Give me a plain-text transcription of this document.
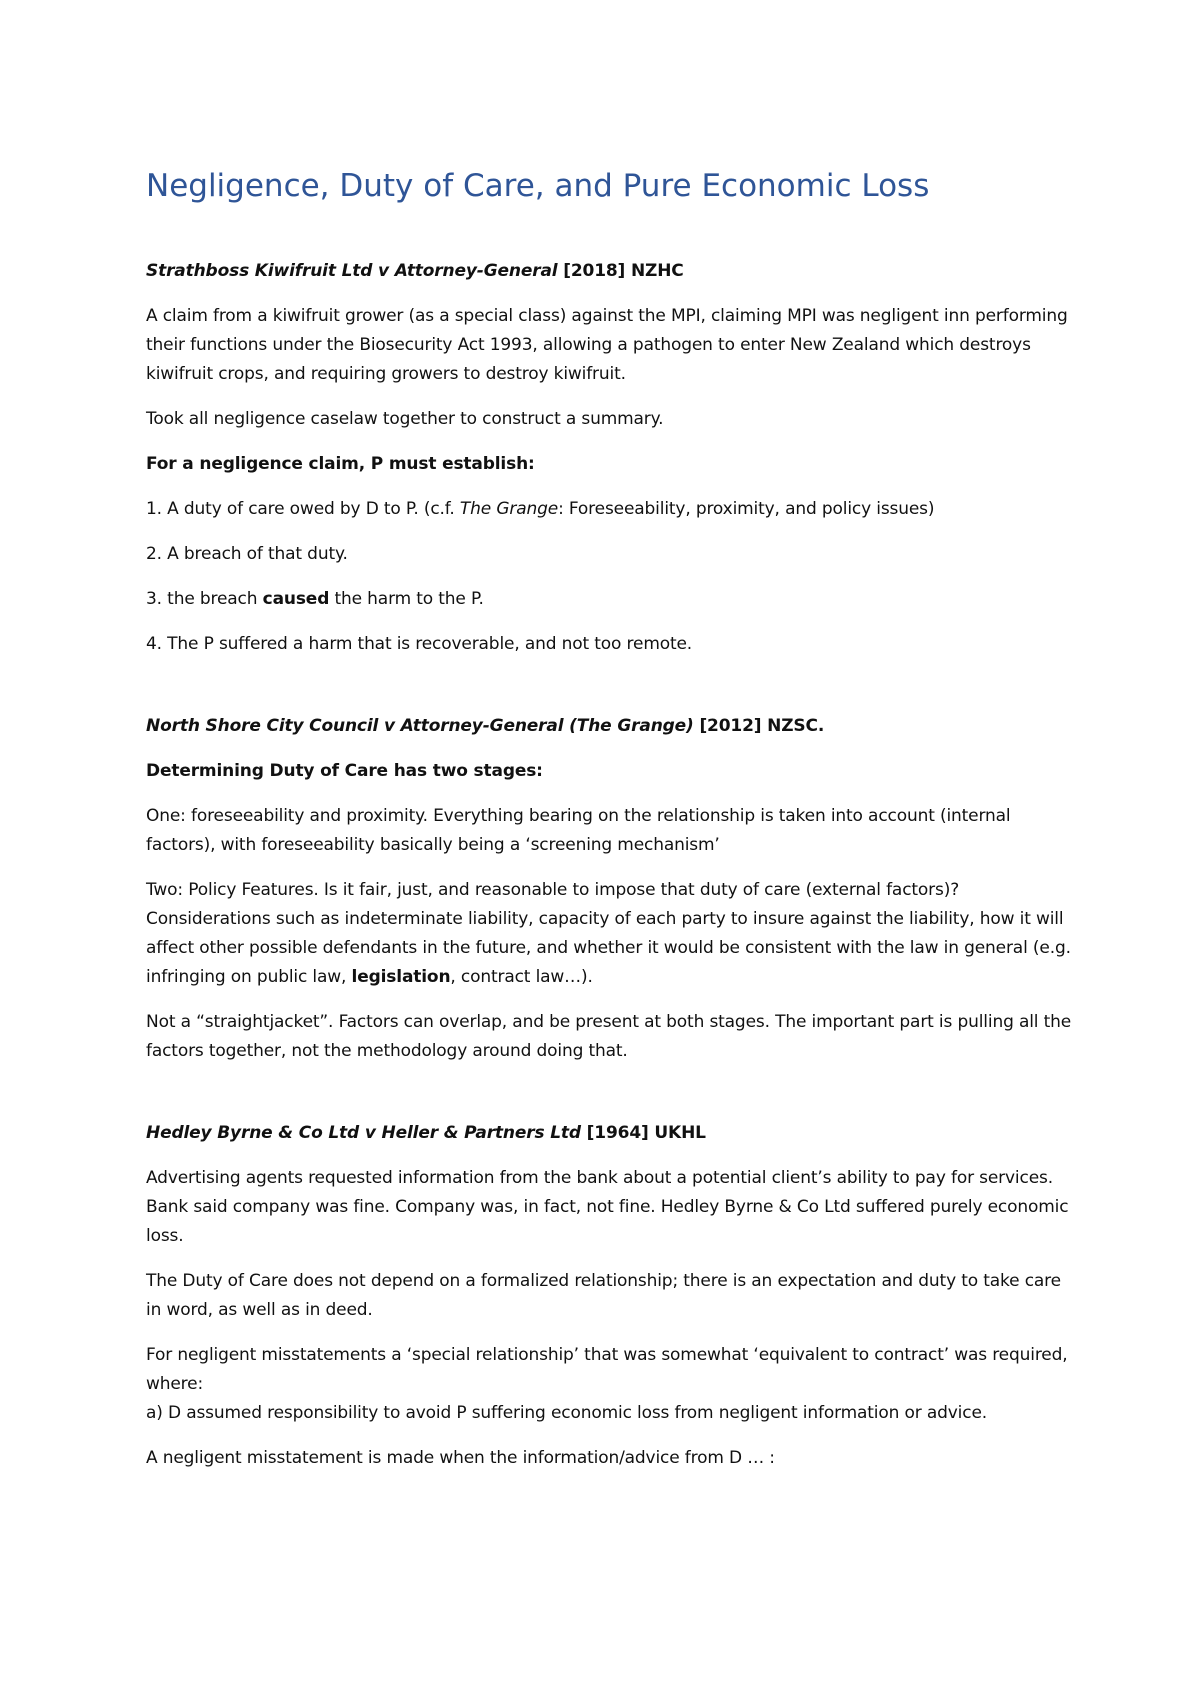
Negligence, Duty of Care, and Pure Economic Loss

Strathboss Kiwifruit Ltd v Attorney-General [2018] NZHC

A claim from a kiwifruit grower (as a special class) against the MPI, claiming MPI was negligent inn performing their functions under the Biosecurity Act 1993, allowing a pathogen to enter New Zealand which destroys kiwifruit crops, and requiring growers to destroy kiwifruit.

Took all negligence caselaw together to construct a summary.

For a negligence claim, P must establish:

1. A duty of care owed by D to P. (c.f. The Grange: Foreseeability, proximity, and policy issues)

2. A breach of that duty.

3. the breach caused the harm to the P.

4. The P suffered a harm that is recoverable, and not too remote.

North Shore City Council v Attorney-General (The Grange) [2012] NZSC.

Determining Duty of Care has two stages:

One: foreseeability and proximity. Everything bearing on the relationship is taken into account (internal factors), with foreseeability basically being a ‘screening mechanism’

Two: Policy Features. Is it fair, just, and reasonable to impose that duty of care (external factors)? Considerations such as indeterminate liability, capacity of each party to insure against the liability, how it will affect other possible defendants in the future, and whether it would be consistent with the law in general (e.g. infringing on public law, legislation, contract law…).

Not a “straightjacket”. Factors can overlap, and be present at both stages. The important part is pulling all the factors together, not the methodology around doing that.

Hedley Byrne & Co Ltd v Heller & Partners Ltd [1964] UKHL

Advertising agents requested information from the bank about a potential client’s ability to pay for services. Bank said company was fine. Company was, in fact, not fine. Hedley Byrne & Co Ltd suffered purely economic loss.

The Duty of Care does not depend on a formalized relationship; there is an expectation and duty to take care in word, as well as in deed.

For negligent misstatements a ‘special relationship’ that was somewhat ‘equivalent to contract’ was required, where:

a) D assumed responsibility to avoid P suffering economic loss from negligent information or advice.

A negligent misstatement is made when the information/advice from D … :
